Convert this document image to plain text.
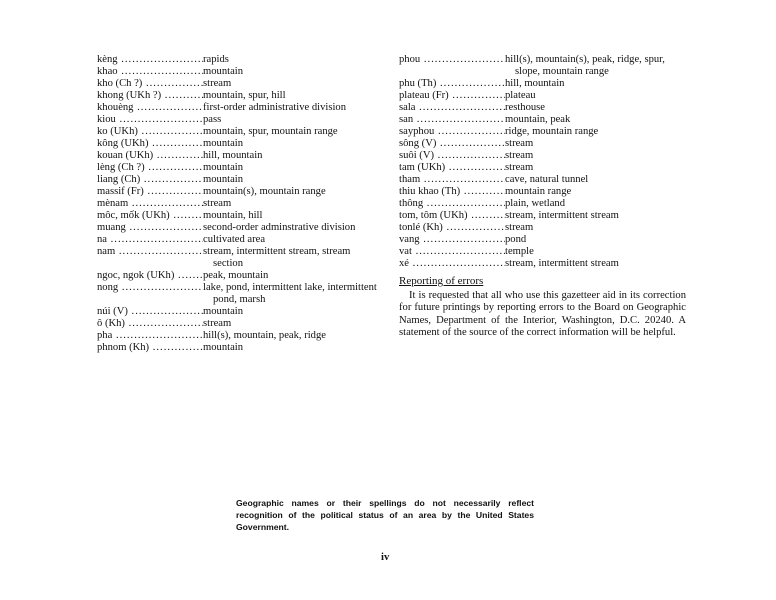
kèng .....	rapids
khao .....	mountain
kho (Ch ?) .....	stream
khong (UKh ?) .....	mountain, spur, hill
khouèng .....	first-order administrative division
kiou .....	pass
ko (UKh) .....	mountain, spur, mountain range
kông (UKh) .....	mountain
kouan (UKh) .....	hill, mountain
lèng (Ch ?) .....	mountain
liang (Ch) .....	mountain
massif (Fr) .....	mountain(s), mountain range
mènam .....	stream
môc, mốk (UKh) .....	mountain, hill
muang .....	second-order adminstrative division
na .....	cultivated area
nam .....	stream, intermittent stream, stream
section
ngoc, ngok (UKh) .....	peak, mountain
nong .....	lake, pond, intermittent lake, intermittent
pond, marsh
núi (V) .....	mountain
ô (Kh) .....	stream
pha .....	hill(s), mountain, peak, ridge
phnom (Kh) .....	mountain
phou .....	hill(s), mountain(s), peak, ridge, spur,
slope, mountain range
phu (Th) .....	hill, mountain
plateau (Fr) .....	plateau
sala .....	resthouse
san .....	mountain, peak
sayphou .....	ridge, mountain range
sông (V) .....	stream
suôi (V) .....	stream
tam (UKh) .....	stream
tham .....	cave, natural tunnel
thiu khao (Th) .....	mountain range
thông .....	plain, wetland
tom, tôm (UKh) .....	stream, intermittent stream
tonlé (Kh) .....	stream
vang .....	pond
vat .....	temple
xé .....	stream, intermittent stream
Reporting of errors
It is requested that all who use this gazetteer aid in its correction for future printings by reporting errors to the Board on Geographic Names, Department of the Interior, Washington, D.C. 20240. A statement of the source of the correct information will be helpful.
Geographic names or their spellings do not necessarily reflect recognition of the political status of an area by the United States Government.
iv
